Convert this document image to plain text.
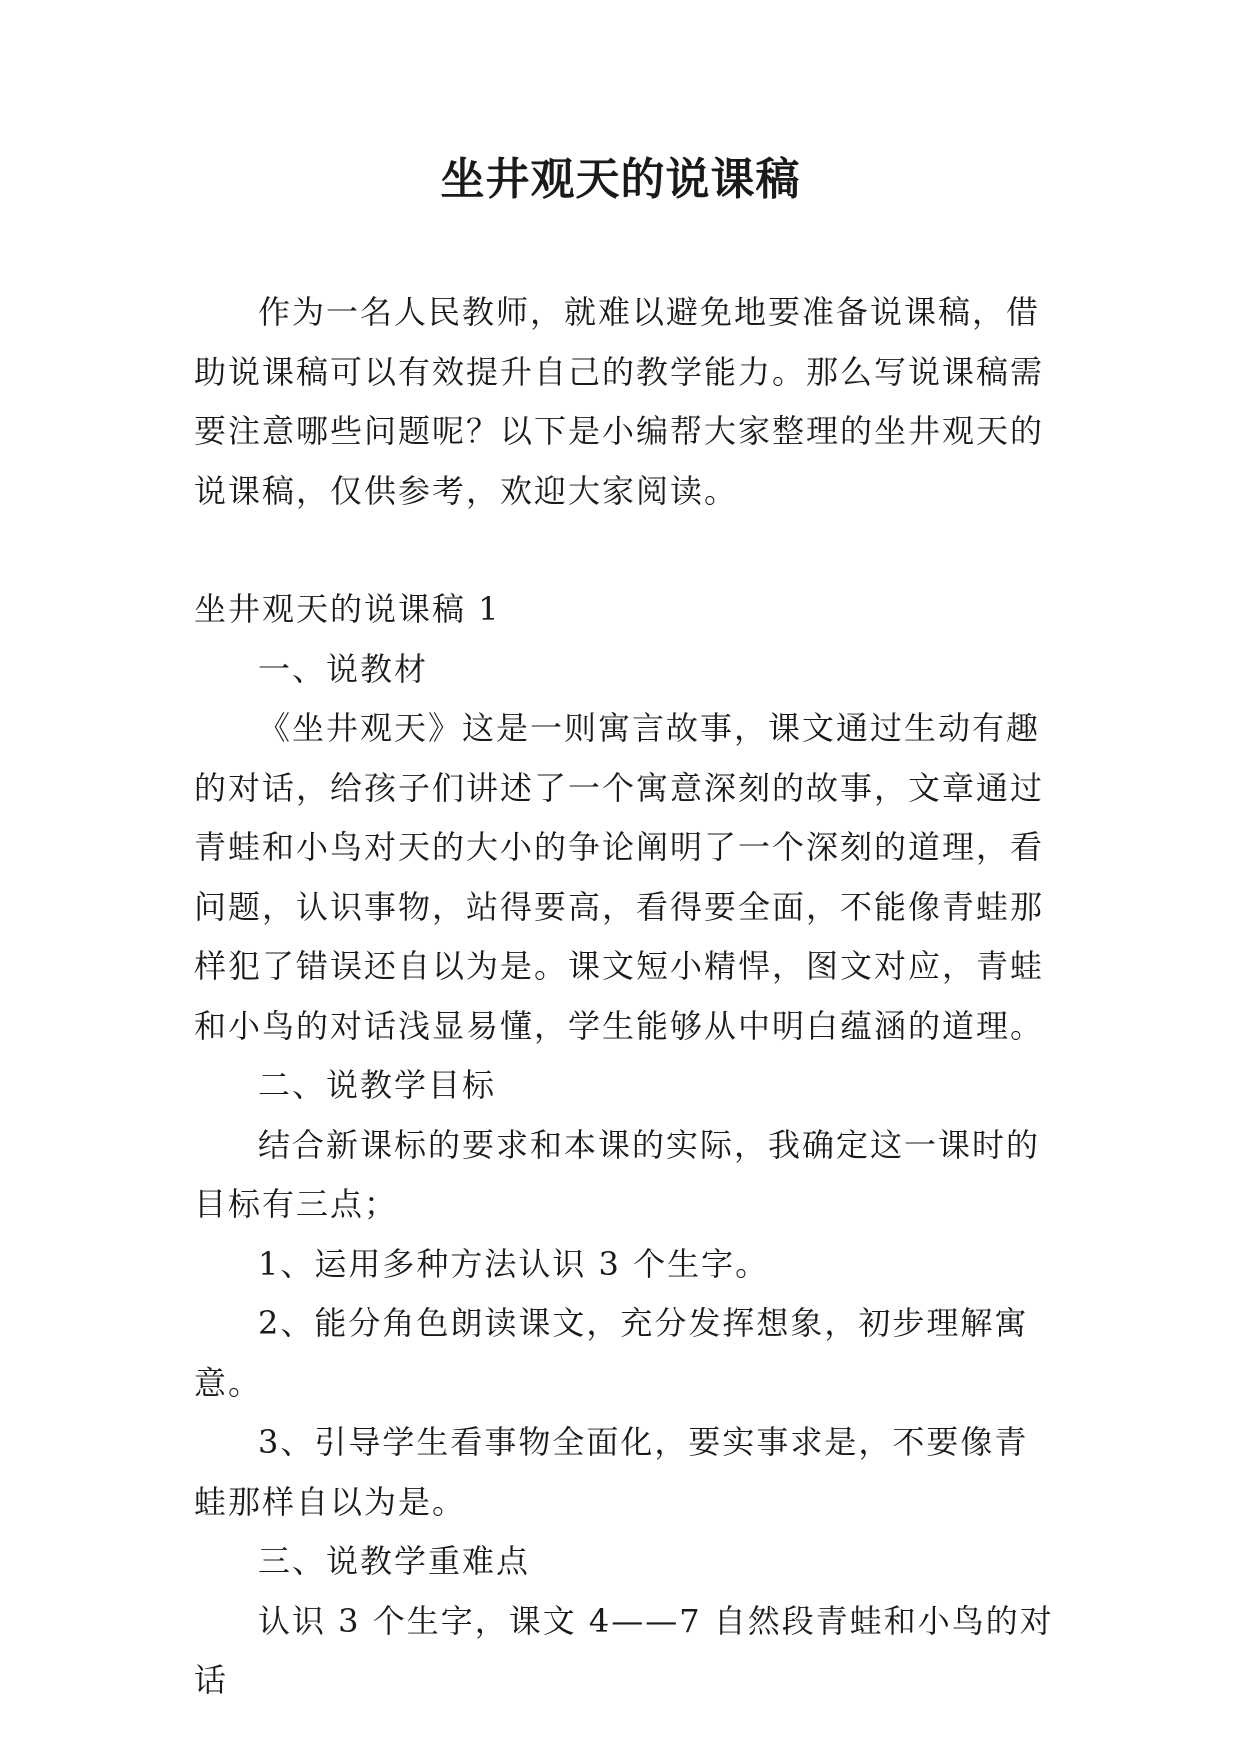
坐井观天的说课稿

作为一名人民教师，就难以避免地要准备说课稿，借助说课稿可以有效提升自己的教学能力。那么写说课稿需要注意哪些问题呢？以下是小编帮大家整理的坐井观天的说课稿，仅供参考，欢迎大家阅读。

坐井观天的说课稿 1

一、说教材

《坐井观天》这是一则寓言故事，课文通过生动有趣的对话，给孩子们讲述了一个寓意深刻的故事，文章通过青蛙和小鸟对天的大小的争论阐明了一个深刻的道理，看问题，认识事物，站得要高，看得要全面，不能像青蛙那样犯了错误还自以为是。课文短小精悍，图文对应，青蛙和小鸟的对话浅显易懂，学生能够从中明白蕴涵的道理。

二、说教学目标

结合新课标的要求和本课的实际，我确定这一课时的目标有三点；

1、运用多种方法认识 3 个生字。

2、能分角色朗读课文，充分发挥想象，初步理解寓意。

3、引导学生看事物全面化，要实事求是，不要像青蛙那样自以为是。

三、说教学重难点

认识 3 个生字，课文 4——7 自然段青蛙和小鸟的对话
